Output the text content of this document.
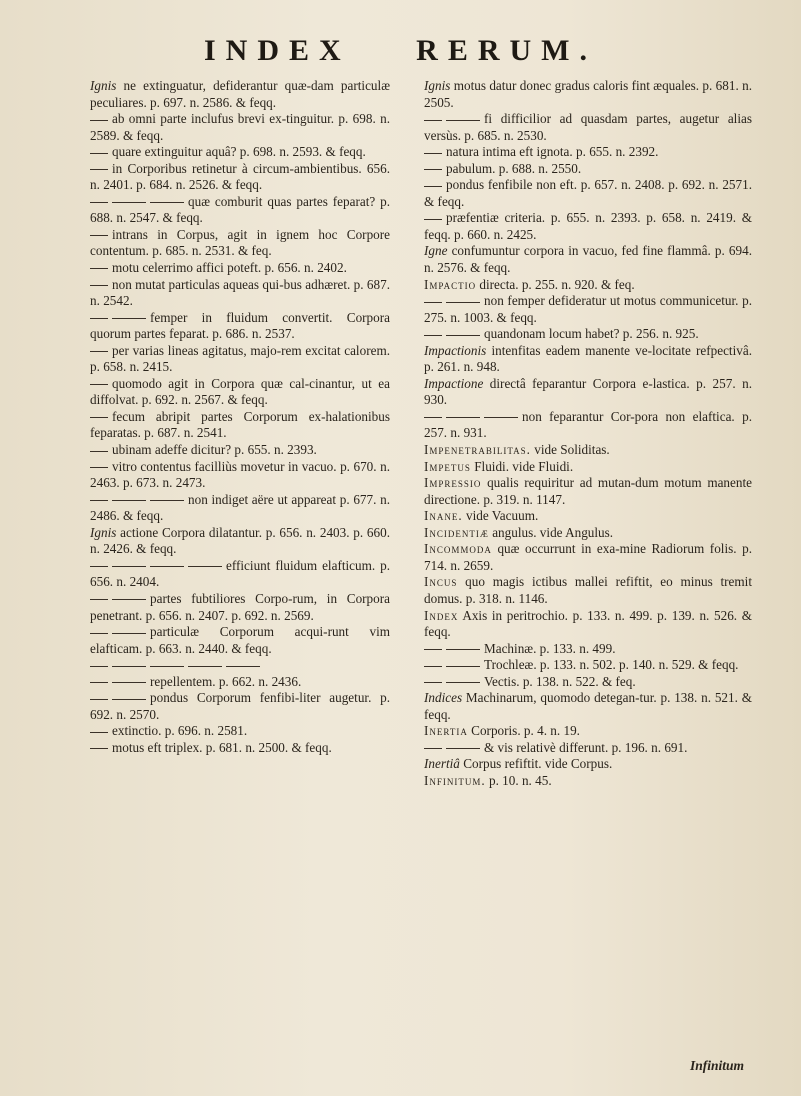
INDEX RERUM.

Ignis ne extinguatur, defiderantur quæ-dam particulæ peculiares. p. 697. n. 2586. & feqq.

ab omni parte inclufus brevi ex-tinguitur. p. 698. n. 2589. & feqq.

quare extinguitur aquâ? p. 698. n. 2593. & feqq.

in Corporibus retinetur à circum-ambientibus. 656. n. 2401. p. 684. n. 2526. & feqq.

quæ comburit quas partes feparat? p. 688. n. 2547. & feqq.

intrans in Corpus, agit in ignem hoc Corpore contentum. p. 685. n. 2531. & feq.

motu celerrimo affici poteft. p. 656. n. 2402.

non mutat particulas aqueas qui-bus adhæret. p. 687. n. 2542.

femper in fluidum convertit. Corpora quorum partes feparat. p. 686. n. 2537.

per varias lineas agitatus, majo-rem excitat calorem. p. 658. n. 2415.

quomodo agit in Corpora quæ cal-cinantur, ut ea diffolvat. p. 692. n. 2567. & feqq.

fecum abripit partes Corporum ex-halationibus feparatas. p. 687. n. 2541.

ubinam adeffe dicitur? p. 655. n. 2393.

vitro contentus facilliùs movetur in vacuo. p. 670. n. 2463. p. 673. n. 2473.

non indiget aëre ut appareat p. 677. n. 2486. & feqq.

Ignis actione Corpora dilatantur. p. 656. n. 2403. p. 660. n. 2426. & feqq.

efficiunt fluidum elafticum. p. 656. n. 2404.

partes fubtiliores Corpo-rum, in Corpora penetrant. p. 656. n. 2407. p. 692. n. 2569.

particulæ Corporum acqui-runt vim elafticam. p. 663. n. 2440. & feqq.

repellentem. p. 662. n. 2436.

pondus Corporum fenfibi-liter augetur. p. 692. n. 2570.

extinctio. p. 696. n. 2581.

motus eft triplex. p. 681. n. 2500. & feqq.

Ignis motus datur donec gradus caloris fint æquales. p. 681. n. 2505.

fi difficilior ad quasdam partes, augetur alias versùs. p. 685. n. 2530.

natura intima eft ignota. p. 655. n. 2392.

pabulum. p. 688. n. 2550.

pondus fenfibile non eft. p. 657. n. 2408. p. 692. n. 2571. & feqq.

præfentiæ criteria. p. 655. n. 2393. p. 658. n. 2419. & feqq. p. 660. n. 2425.

Igne confumuntur corpora in vacuo, fed fine flammâ. p. 694. n. 2576. & feqq.

Impactio directa. p. 255. n. 920. & feq.

non femper defideratur ut motus communicetur. p. 275. n. 1003. & feqq.

quandonam locum habet? p. 256. n. 925.

Impactionis intenfitas eadem manente ve-locitate refpectivâ. p. 261. n. 948.

Impactione directâ feparantur Corpora e-lastica. p. 257. n. 930.

non feparantur Cor-pora non elaftica. p. 257. n. 931.

Impenetrabilitas. vide Soliditas.

Impetus Fluidi. vide Fluidi.

Impressio qualis requiritur ad mutan-dum motum manente directione. p. 319. n. 1147.

Inane. vide Vacuum.

Incidentiæ angulus. vide Angulus.

Incommoda quæ occurrunt in exa-mine Radiorum folis. p. 714. n. 2659.

Incus quo magis ictibus mallei refiftit, eo minus tremit domus. p. 318. n. 1146.

Index Axis in peritrochio. p. 133. n. 499. p. 139. n. 526. & feqq.

Machinæ. p. 133. n. 499.

Trochleæ. p. 133. n. 502. p. 140. n. 529. & feqq.

Vectis. p. 138. n. 522. & feq.

Indices Machinarum, quomodo detegan-tur. p. 138. n. 521. & feqq.

Inertia Corporis. p. 4. n. 19.

& vis relativè differunt. p. 196. n. 691.

Inertiâ Corpus refiftit. vide Corpus.

Infinitum. p. 10. n. 45.

Infinitum
